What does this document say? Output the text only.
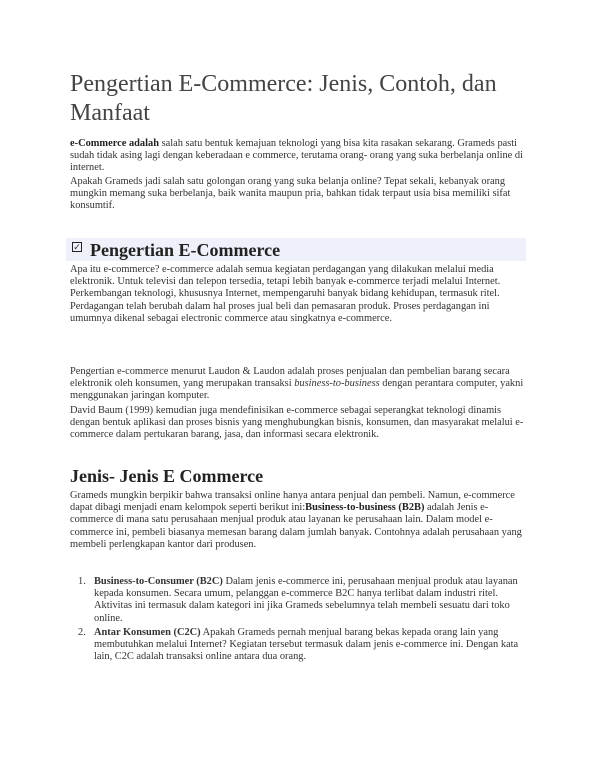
Pengertian E-Commerce: Jenis, Contoh, dan Manfaat

e-Commerce adalah salah satu bentuk kemajuan teknologi yang bisa kita rasakan sekarang. Grameds pasti sudah tidak asing lagi dengan keberadaan e commerce, terutama orang- orang yang suka berbelanja online di internet.

Apakah Grameds jadi salah satu golongan orang yang suka belanja online? Tepat sekali, kebanyak orang mungkin memang suka berbelanja, baik wanita maupun pria, bahkan tidak terpaut usia bisa memiliki sifat konsumtif.

✓ Pengertian E-Commerce

Apa itu e-commerce? e-commerce adalah semua kegiatan perdagangan yang dilakukan melalui media elektronik. Untuk televisi dan telepon tersedia, tetapi lebih banyak e-commerce terjadi melalui Internet. Perkembangan teknologi, khususnya Internet, mempengaruhi banyak bidang kehidupan, termasuk ritel. Perdagangan telah berubah dalam hal proses jual beli dan pemasaran produk. Proses perdagangan ini umumnya dikenal sebagai electronic commerce atau singkatnya e-commerce.

Pengertian e-commerce menurut Laudon & Laudon adalah proses penjualan dan pembelian barang secara elektronik oleh konsumen, yang merupakan transaksi business-to-business dengan perantara computer, yakni menggunakan jaringan komputer.

David Baum (1999) kemudian juga mendefinisikan e-commerce sebagai seperangkat teknologi dinamis dengan bentuk aplikasi dan proses bisnis yang menghubungkan bisnis, konsumen, dan masyarakat melalui e-commerce dalam pertukaran barang, jasa, dan informasi secara elektronik.

Jenis- Jenis E Commerce

Grameds mungkin berpikir bahwa transaksi online hanya antara penjual dan pembeli. Namun, e-commerce dapat dibagi menjadi enam kelompok seperti berikut ini:Business-to-business (B2B) adalah Jenis e-commerce di mana satu perusahaan menjual produk atau layanan ke perusahaan lain. Dalam model e-commerce ini, pembeli biasanya memesan barang dalam jumlah banyak. Contohnya adalah perusahaan yang membeli perlengkapan kantor dari produsen.

1. Business-to-Consumer (B2C) Dalam jenis e-commerce ini, perusahaan menjual produk atau layanan kepada konsumen. Secara umum, pelanggan e-commerce B2C hanya terlibat dalam industri ritel. Aktivitas ini termasuk dalam kategori ini jika Grameds sebelumnya telah membeli sesuatu dari toko online.
2. Antar Konsumen (C2C) Apakah Grameds pernah menjual barang bekas kepada orang lain yang membutuhkan melalui Internet? Kegiatan tersebut termasuk dalam jenis e-commerce ini. Dengan kata lain, C2C adalah transaksi online antara dua orang.
